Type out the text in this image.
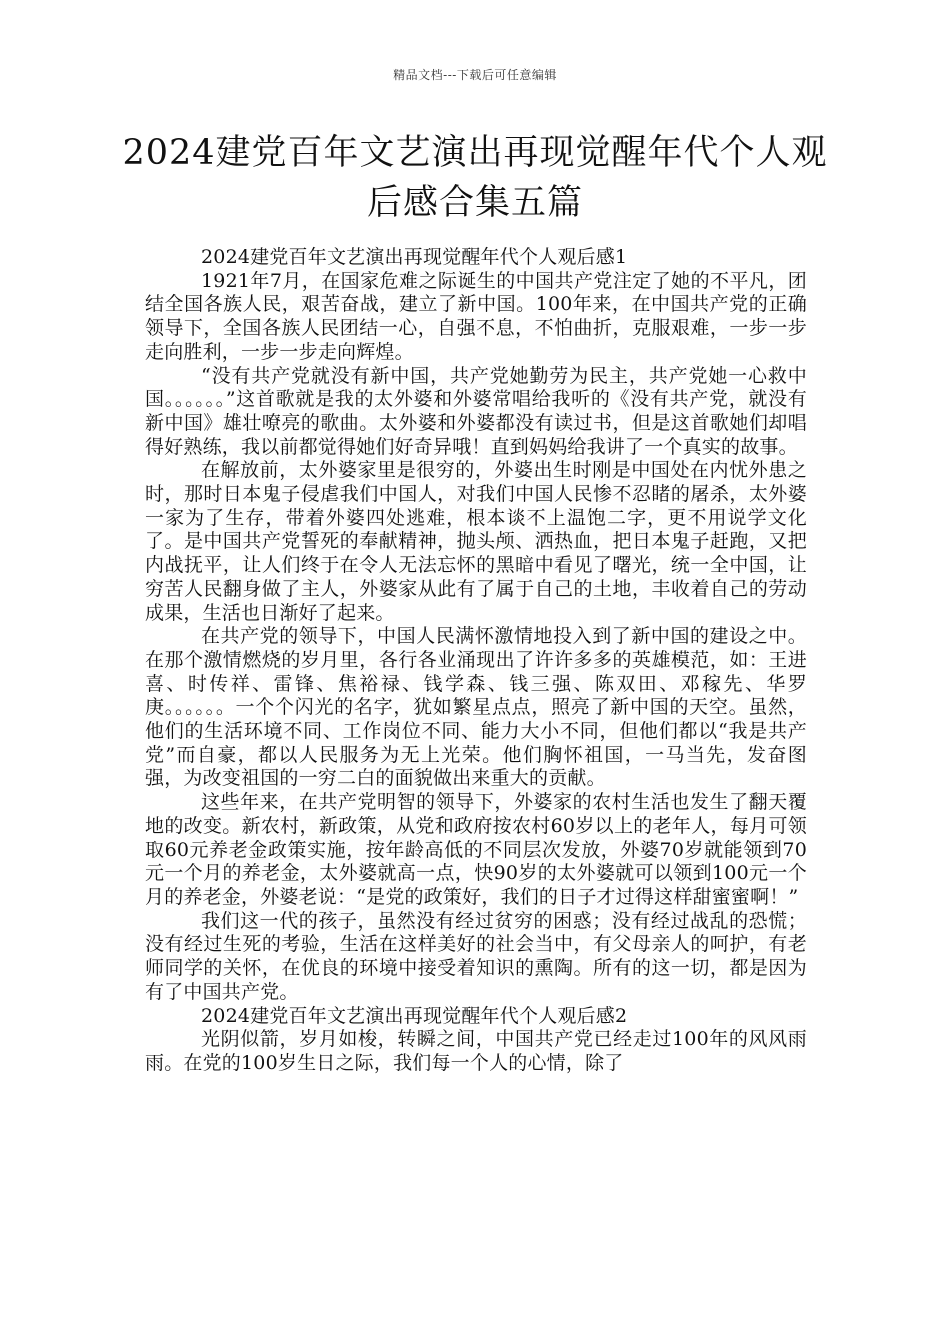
精品文档---下载后可任意编辑
2024建党百年文艺演出再现觉醒年代个人观后感合集五篇

2024建党百年文艺演出再现觉醒年代个人观后感1

1921年7月，在国家危难之际诞生的中国共产党注定了她的不平凡，团结全国各族人民，艰苦奋战，建立了新中国。100年来，在中国共产党的正确领导下，全国各族人民团结一心，自强不息，不怕曲折，克服艰难，一步一步走向胜利，一步一步走向辉煌。

“没有共产党就没有新中国，共产党她勤劳为民主，共产党她一心救中国。。。。。。”这首歌就是我的太外婆和外婆常唱给我听的《没有共产党，就没有新中国》雄壮嘹亮的歌曲。太外婆和外婆都没有读过书，但是这首歌她们却唱得好熟练，我以前都觉得她们好奇异哦！直到妈妈给我讲了一个真实的故事。

在解放前，太外婆家里是很穷的，外婆出生时刚是中国处在内忧外患之时，那时日本鬼子侵虐我们中国人，对我们中国人民惨不忍睹的屠杀，太外婆一家为了生存，带着外婆四处逃难，根本谈不上温饱二字，更不用说学文化了。是中国共产党誓死的奉献精神，抛头颅、洒热血，把日本鬼子赶跑，又把内战抚平，让人们终于在令人无法忘怀的黑暗中看见了曙光，统一全中国，让穷苦人民翻身做了主人，外婆家从此有了属于自己的土地，丰收着自己的劳动成果，生活也日渐好了起来。

在共产党的领导下，中国人民满怀激情地投入到了新中国的建设之中。在那个激情燃烧的岁月里，各行各业涌现出了许许多多的英雄模范，如：王进喜、时传祥、雷锋、焦裕禄、钱学森、钱三强、陈双田、邓稼先、华罗庚。。。。。。一个个闪光的名字，犹如繁星点点，照亮了新中国的天空。虽然，他们的生活环境不同、工作岗位不同、能力大小不同，但他们都以“我是共产党”而自豪，都以人民服务为无上光荣。他们胸怀祖国，一马当先，发奋图强，为改变祖国的一穷二白的面貌做出来重大的贡献。

这些年来，在共产党明智的领导下，外婆家的农村生活也发生了翻天覆地的改变。新农村，新政策，从党和政府按农村60岁以上的老年人，每月可领取60元养老金政策实施，按年龄高低的不同层次发放，外婆70岁就能领到70元一个月的养老金，太外婆就高一点，快90岁的太外婆就可以领到100元一个月的养老金，外婆老说：“是党的政策好，我们的日子才过得这样甜蜜蜜啊！”

我们这一代的孩子，虽然没有经过贫穷的困惑；没有经过战乱的恐慌；没有经过生死的考验，生活在这样美好的社会当中，有父母亲人的呵护，有老师同学的关怀，在优良的环境中接受着知识的熏陶。所有的这一切，都是因为有了中国共产党。

2024建党百年文艺演出再现觉醒年代个人观后感2

光阴似箭，岁月如梭，转瞬之间，中国共产党已经走过100年的风风雨雨。在党的100岁生日之际，我们每一个人的心情，除了
